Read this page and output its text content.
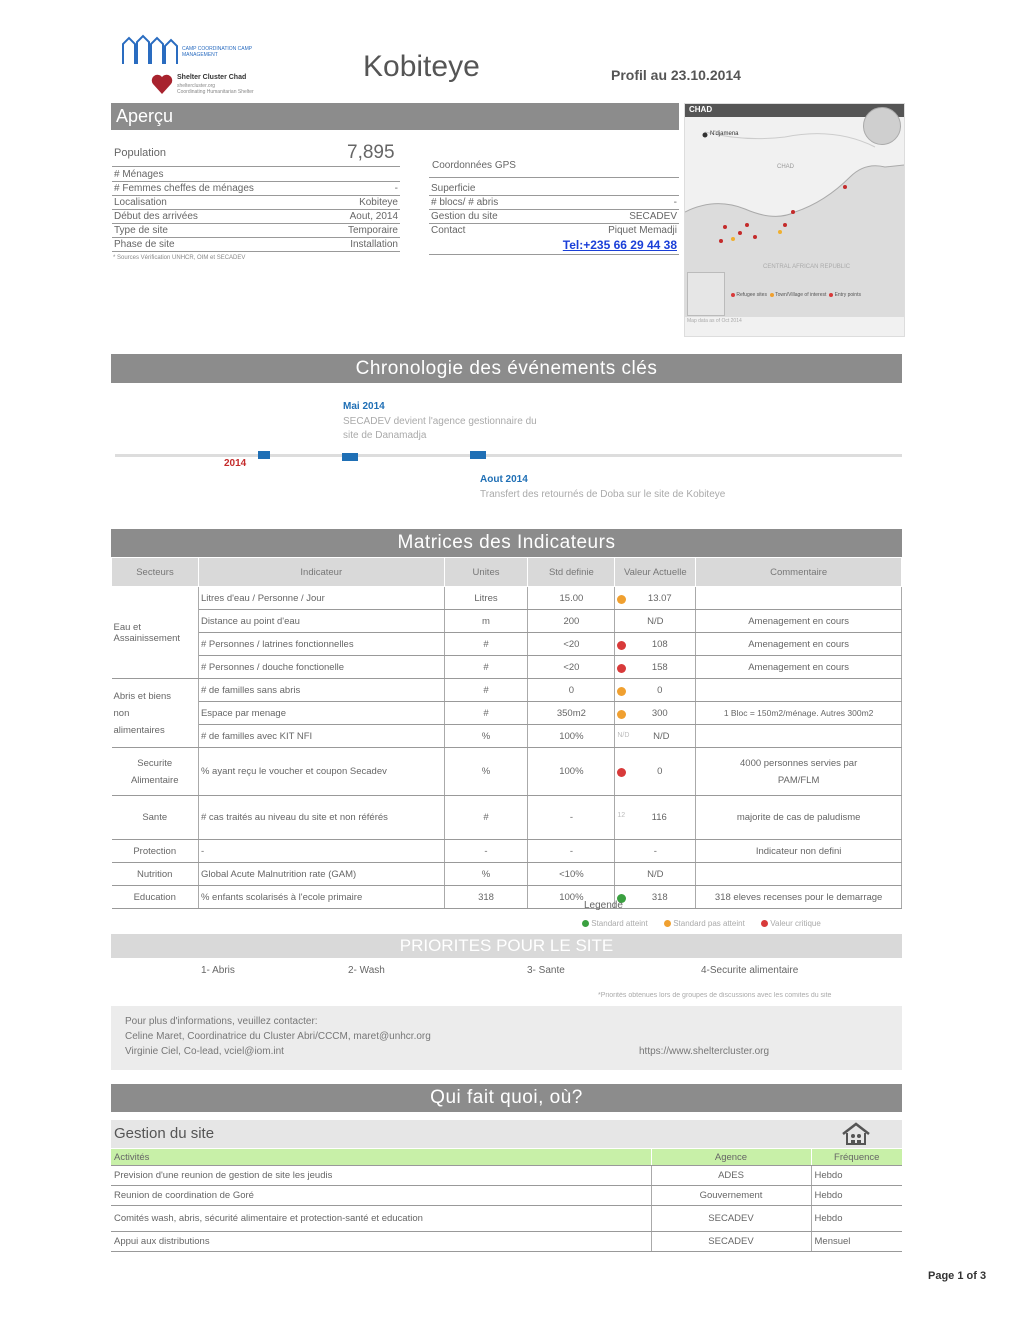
CAMP COORDINATION CAMP MANAGEMENT
Shelter Cluster Chad
sheltercluster.org
Coordinating Humanitarian Shelter
Kobiteye	Profil au 23.10.2014
Aperçu
Population	7,895
# Ménages
# Femmes cheffes de ménages	-
Localisation	Kobiteye
Début des arrivées	Aout, 2014
Type de site	Temporaire
Phase de site	Installation
* Sources Vérification UNHCR, OIM et SECADEV
Coordonnées GPS
Superficie
# blocs/ # abris	-
Gestion du site	SECADEV
Contact	Piquet Memadji
Tel:+235 66 29 44 38
CHAD
N'djamena
CHAD
CENTRAL AFRICAN REPUBLIC
Refugee sites Town/Village of interest Entry points
Map data as of Oct 2014
Chronologie des événements clés
Mai 2014
SECADEV devient l'agence gestionnaire du
site de Danamadja
2014
Aout 2014
Transfert des retournés de Doba sur le site de Kobiteye
Matrices des Indicateurs
Secteurs	Indicateur	Unites	Std definie	Valeur Actuelle	Commentaire
Eau et Assainissement	Litres d'eau / Personne / Jour	Litres	15.00	13.07	
	Distance au point d'eau	m	200	N/D	Amenagement en cours
	# Personnes / latrines fonctionnelles	#	<20	108	Amenagement en cours
	# Personnes / douche fonctionelle	#	<20	158	Amenagement en cours
Abris et biens
non
alimentaires	# de familles sans abris	#	0	0	
	Espace par menage	#	350m2	300	1 Bloc = 150m2/ménage. Autres 300m2
	# de familles avec KIT NFI	%	100%	N/D N/D	
Securite
Alimentaire	% ayant reçu le voucher et coupon Secadev	%	100%	0	4000 personnes servies par
PAM/FLM
Sante	# cas traités au niveau du site et non référés	#	-	12 116	majorite de cas de paludisme
Protection	-	-	-	-	Indicateur non defini
Nutrition	Global Acute Malnutrition rate (GAM)	%	<10%	N/D	
Education	% enfants scolarisés à l'ecole primaire	318	100%	318	318 eleves recenses pour le demarrage
Legende
Standard atteint	Standard pas atteint	Valeur critique
PRIORITES POUR LE SITE
1- Abris	2- Wash	3- Sante	4-Securite alimentaire
*Priorités obtenues lors de groupes de discussions avec les comites du site
Pour plus d'informations, veuillez contacter:
Celine Maret, Coordinatrice du Cluster Abri/CCCM, maret@unhcr.org
Virginie Ciel, Co-lead, vciel@iom.int	https://www.sheltercluster.org
Qui fait quoi, où?
Gestion du site
Activités	Agence	Fréquence
Prevision d'une reunion de gestion de site les jeudis	ADES	Hebdo
Reunion de coordination de Goré	Gouvernement	Hebdo
Comités wash, abris, sécurité alimentaire et protection-santé et education	SECADEV	Hebdo
Appui aux distributions	SECADEV	Mensuel
Page 1 of 3
